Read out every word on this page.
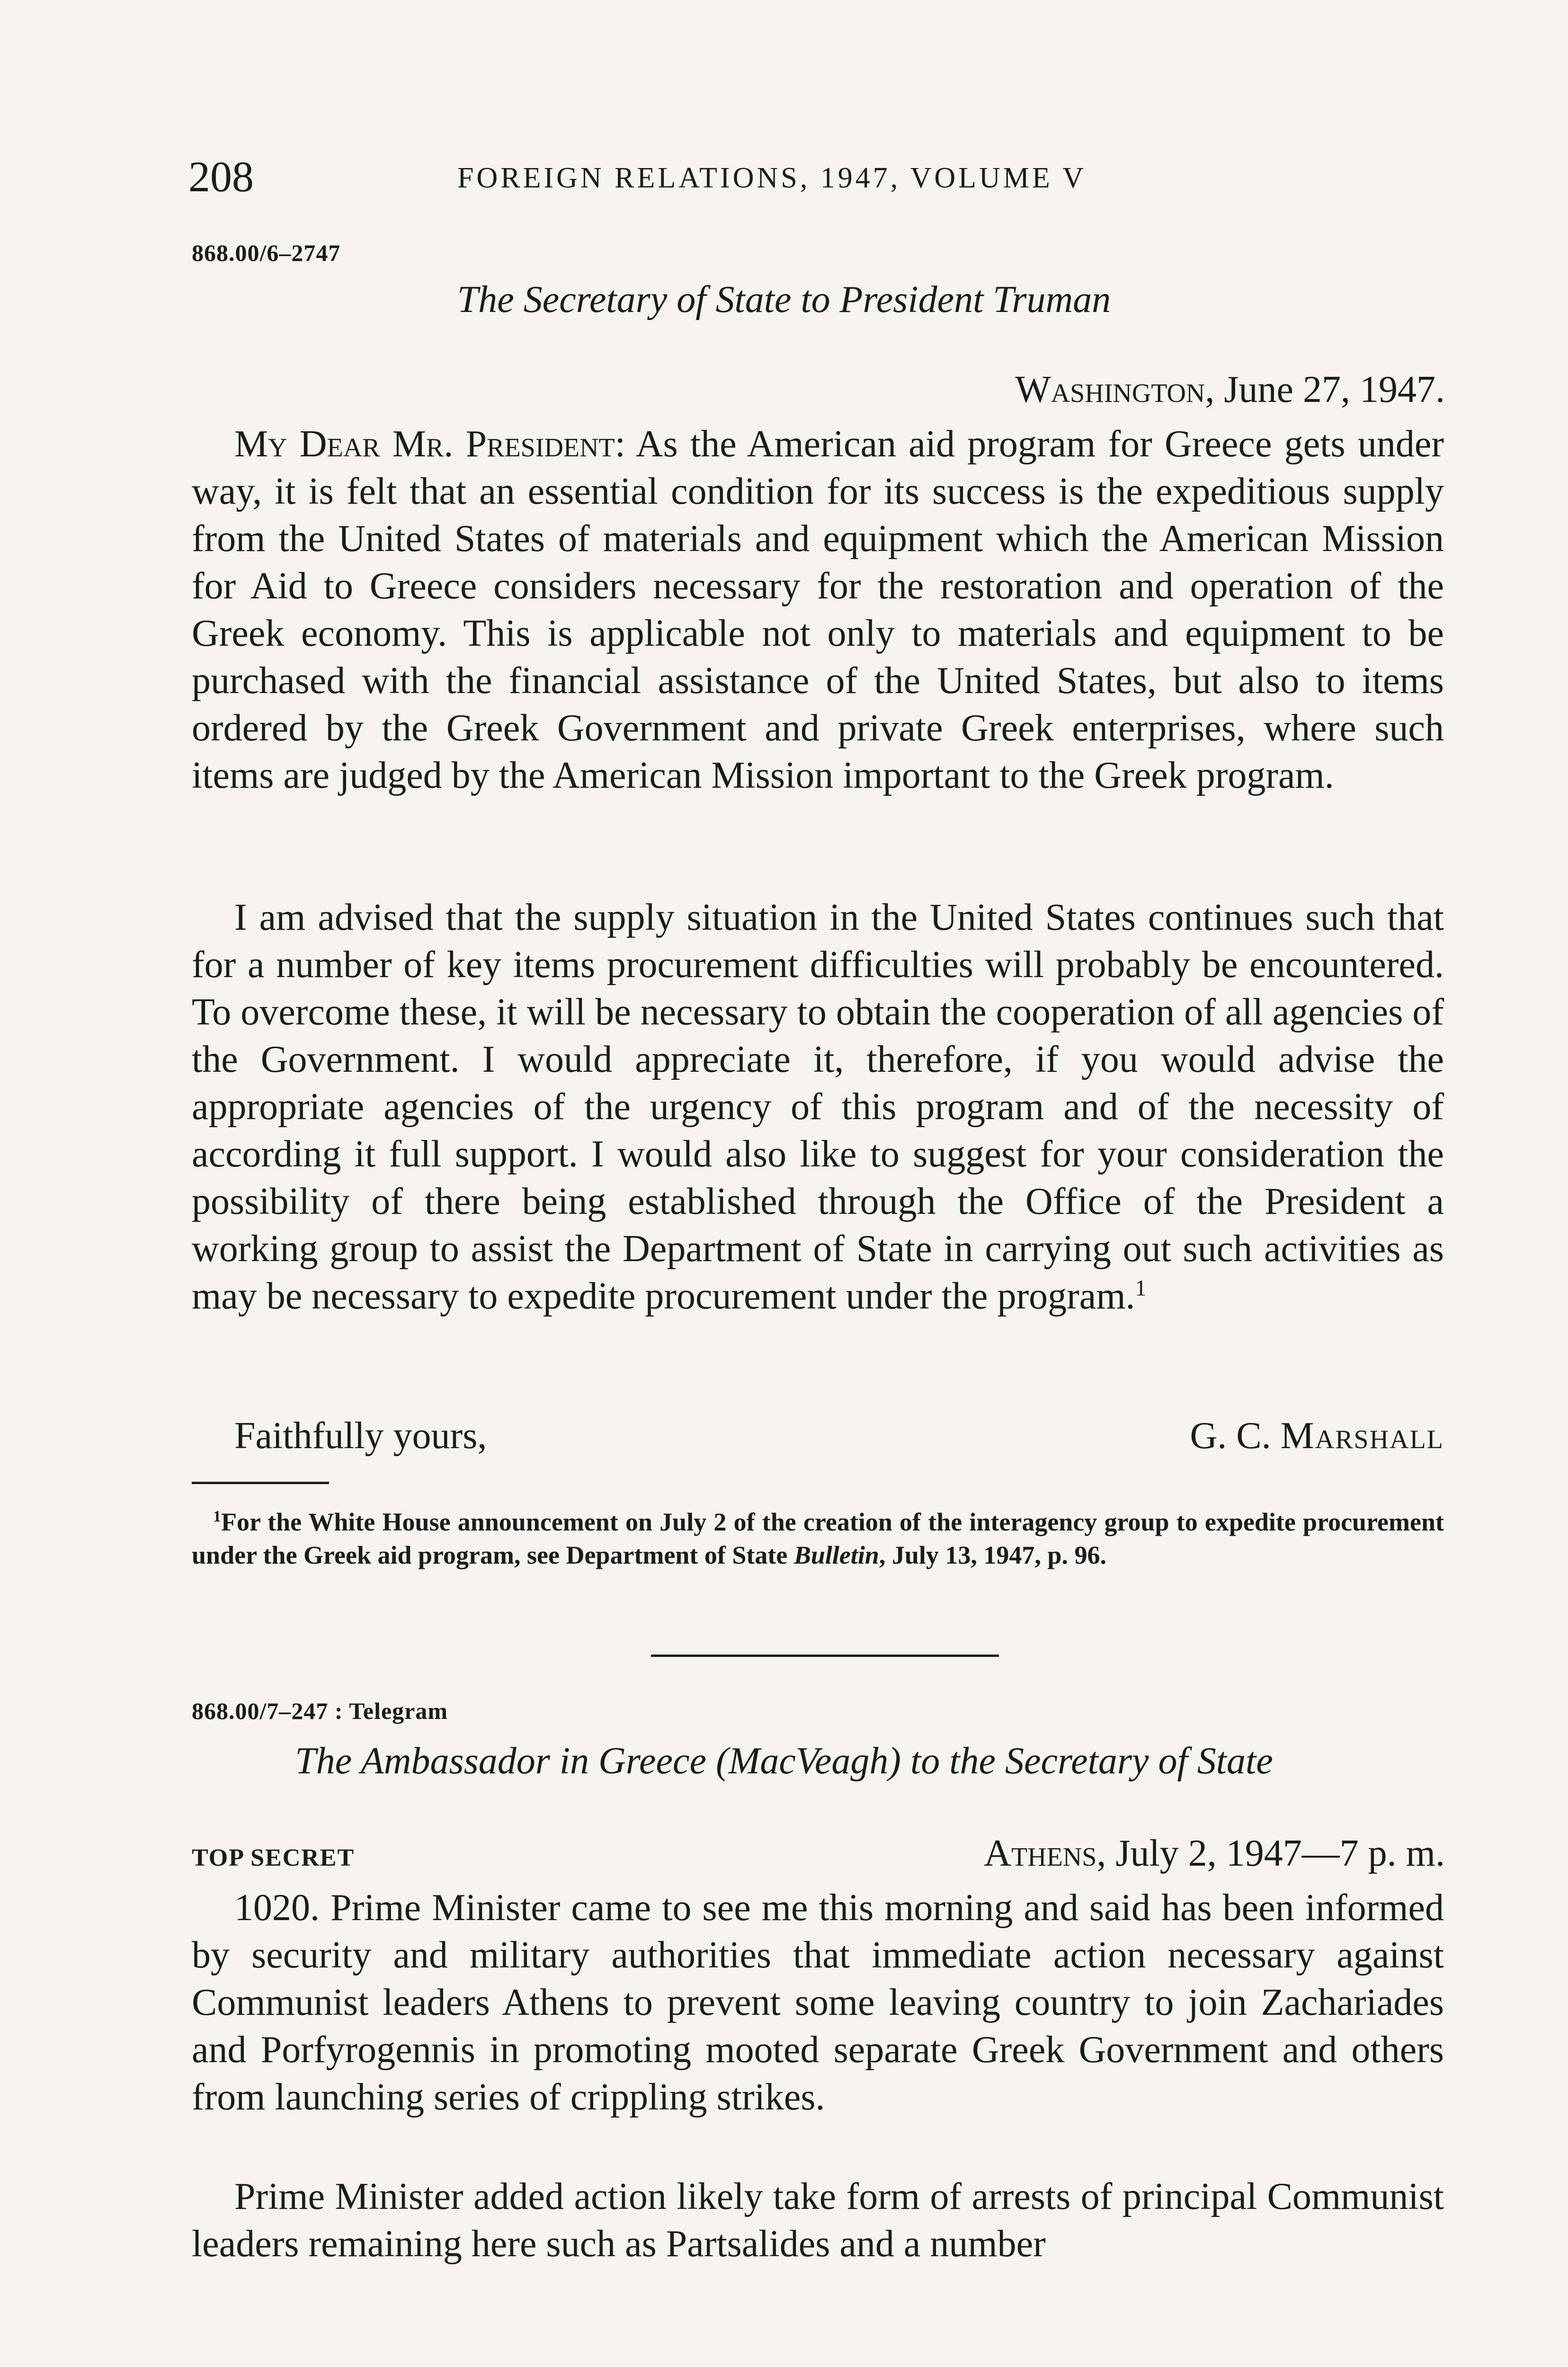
208	FOREIGN RELATIONS, 1947, VOLUME V
868.00/6–2747
The Secretary of State to President Truman
Washington, June 27, 1947.

My Dear Mr. President: As the American aid program for Greece gets under way, it is felt that an essential condition for its success is the expeditious supply from the United States of materials and equipment which the American Mission for Aid to Greece considers necessary for the restoration and operation of the Greek economy. This is applicable not only to materials and equipment to be purchased with the financial assistance of the United States, but also to items ordered by the Greek Government and private Greek enterprises, where such items are judged by the American Mission important to the Greek program.

I am advised that the supply situation in the United States continues such that for a number of key items procurement difficulties will probably be encountered. To overcome these, it will be necessary to obtain the cooperation of all agencies of the Government. I would appreciate it, therefore, if you would advise the appropriate agencies of the urgency of this program and of the necessity of according it full support. I would also like to suggest for your consideration the possibility of there being established through the Office of the President a working group to assist the Department of State in carrying out such activities as may be necessary to expedite procurement under the program.$^1$

Faithfully yours,	G. C. Marshall

$^1$For the White House announcement on July 2 of the creation of the interagency group to expedite procurement under the Greek aid program, see Department of State Bulletin, July 13, 1947, p. 96.

868.00/7–247 : Telegram
The Ambassador in Greece (MacVeagh) to the Secretary of State
TOP SECRET	Athens, July 2, 1947—7 p. m.

1020. Prime Minister came to see me this morning and said has been informed by security and military authorities that immediate action necessary against Communist leaders Athens to prevent some leaving country to join Zachariades and Porfyrogennis in promoting mooted separate Greek Government and others from launching series of crippling strikes.

Prime Minister added action likely take form of arrests of principal Communist leaders remaining here such as Partsalides and a number
